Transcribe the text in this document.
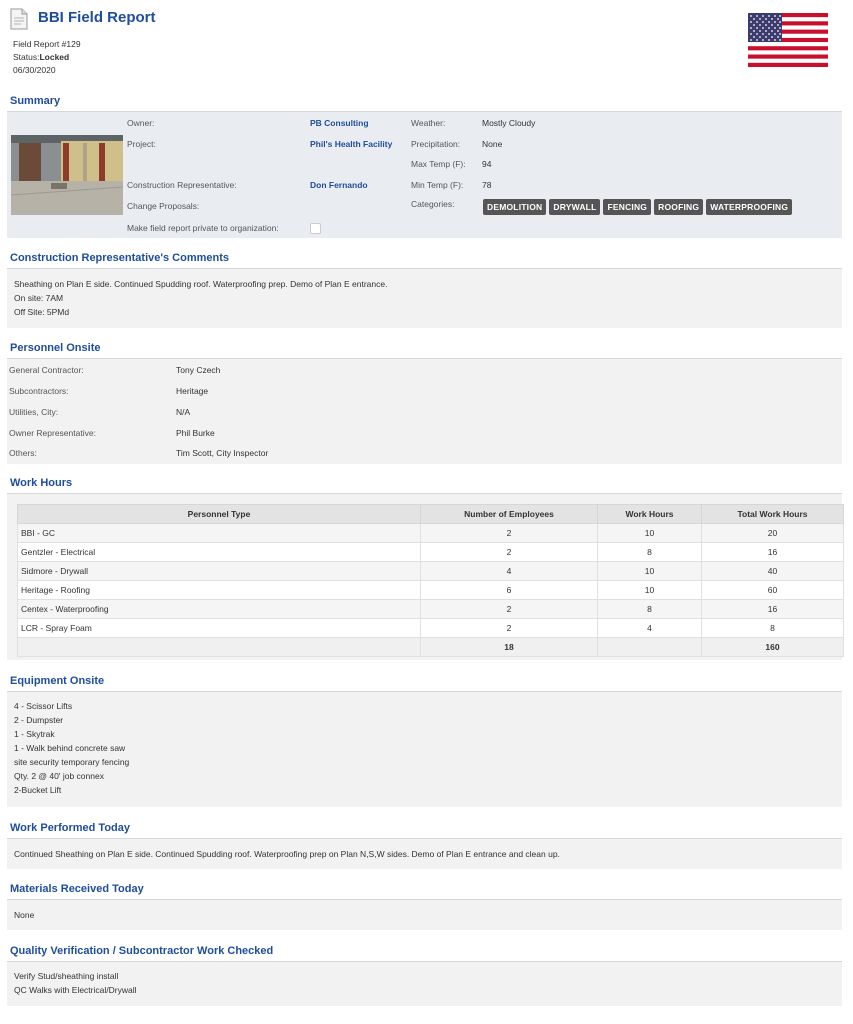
BBI Field Report
Field Report #129
Status:Locked
06/30/2020
Summary
Owner:	PB Consulting
Project:	Phil's Health Facility
Construction Representative:	Don Fernando
Change Proposals:
Make field report private to organization:
Weather:	Mostly Cloudy
Precipitation:	None
Max Temp (F): 94
Min Temp (F): 78
Categories:	DEMOLITION	DRYWALL	FENCING	ROOFING	WATERPROOFING
Construction Representative's Comments
Sheathing on Plan E side. Continued Spudding roof. Waterproofing prep. Demo of Plan E entrance.
On site: 7AM
Off Site: 5PMd
Personnel Onsite
General Contractor:	Tony Czech
Subcontractors:	Heritage
Utilities, City:	N/A
Owner Representative:	Phil Burke
Others:	Tim Scott, City Inspector
Work Hours
Personnel Type	Number of Employees	Work Hours	Total Work Hours
BBI - GC	2	10	20
Gentzler - Electrical	2	8	16
Sidmore - Drywall	4	10	40
Heritage - Roofing	6	10	60
Centex - Waterproofing	2	8	16
LCR - Spray Foam	2	4	8
	18		160
Equipment Onsite
4 - Scissor Lifts
2 - Dumpster
1 - Skytrak
1 - Walk behind concrete saw
site security temporary fencing
Qty. 2 @ 40' job connex
2-Bucket Lift
Work Performed Today
Continued Sheathing on Plan E side. Continued Spudding roof. Waterproofing prep on Plan N,S,W sides. Demo of Plan E entrance and clean up.
Materials Received Today
None
Quality Verification / Subcontractor Work Checked
Verify Stud/sheathing install
QC Walks with Electrical/Drywall
